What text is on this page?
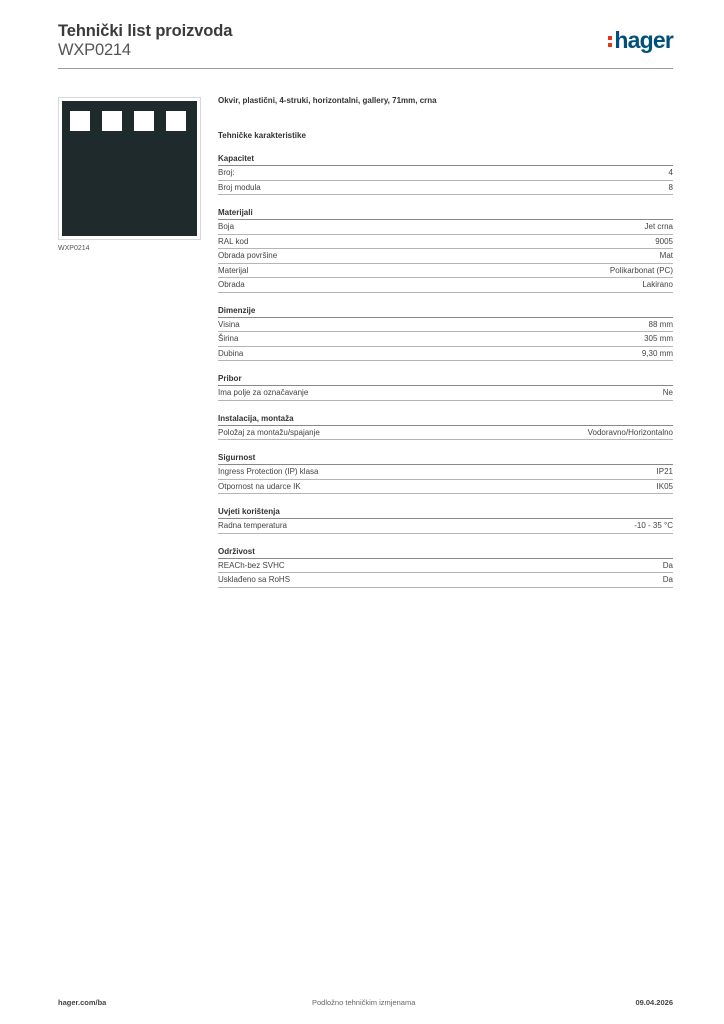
Tehnički list proizvoda
WXP0214	hager
WXP0214
Okvir, plastični, 4-struki, horizontalni, gallery, 71mm, crna
Tehničke karakteristike
Kapacitet
Broj:	4
Broj modula	8
Materijali
Boja	Jet crna
RAL kod	9005
Obrada površine	Mat
Materijal	Polikarbonat (PC)
Obrada	Lakirano
Dimenzije
Visina	88 mm
Širina	305 mm
Dubina	9,30 mm
Pribor
Ima polje za označavanje	Ne
Instalacija, montaža
Položaj za montažu/spajanje	Vodoravno/Horizontalno
Sigurnost
Ingress Protection (IP) klasa	IP21
Otpornost na udarce IK	IK05
Uvjeti korištenja
Radna temperatura	-10 - 35 °C
Održivost
REACh-bez SVHC	Da
Usklađeno sa RoHS	Da
hager.com/ba	Podložno tehničkim izmjenama	09.04.2026
